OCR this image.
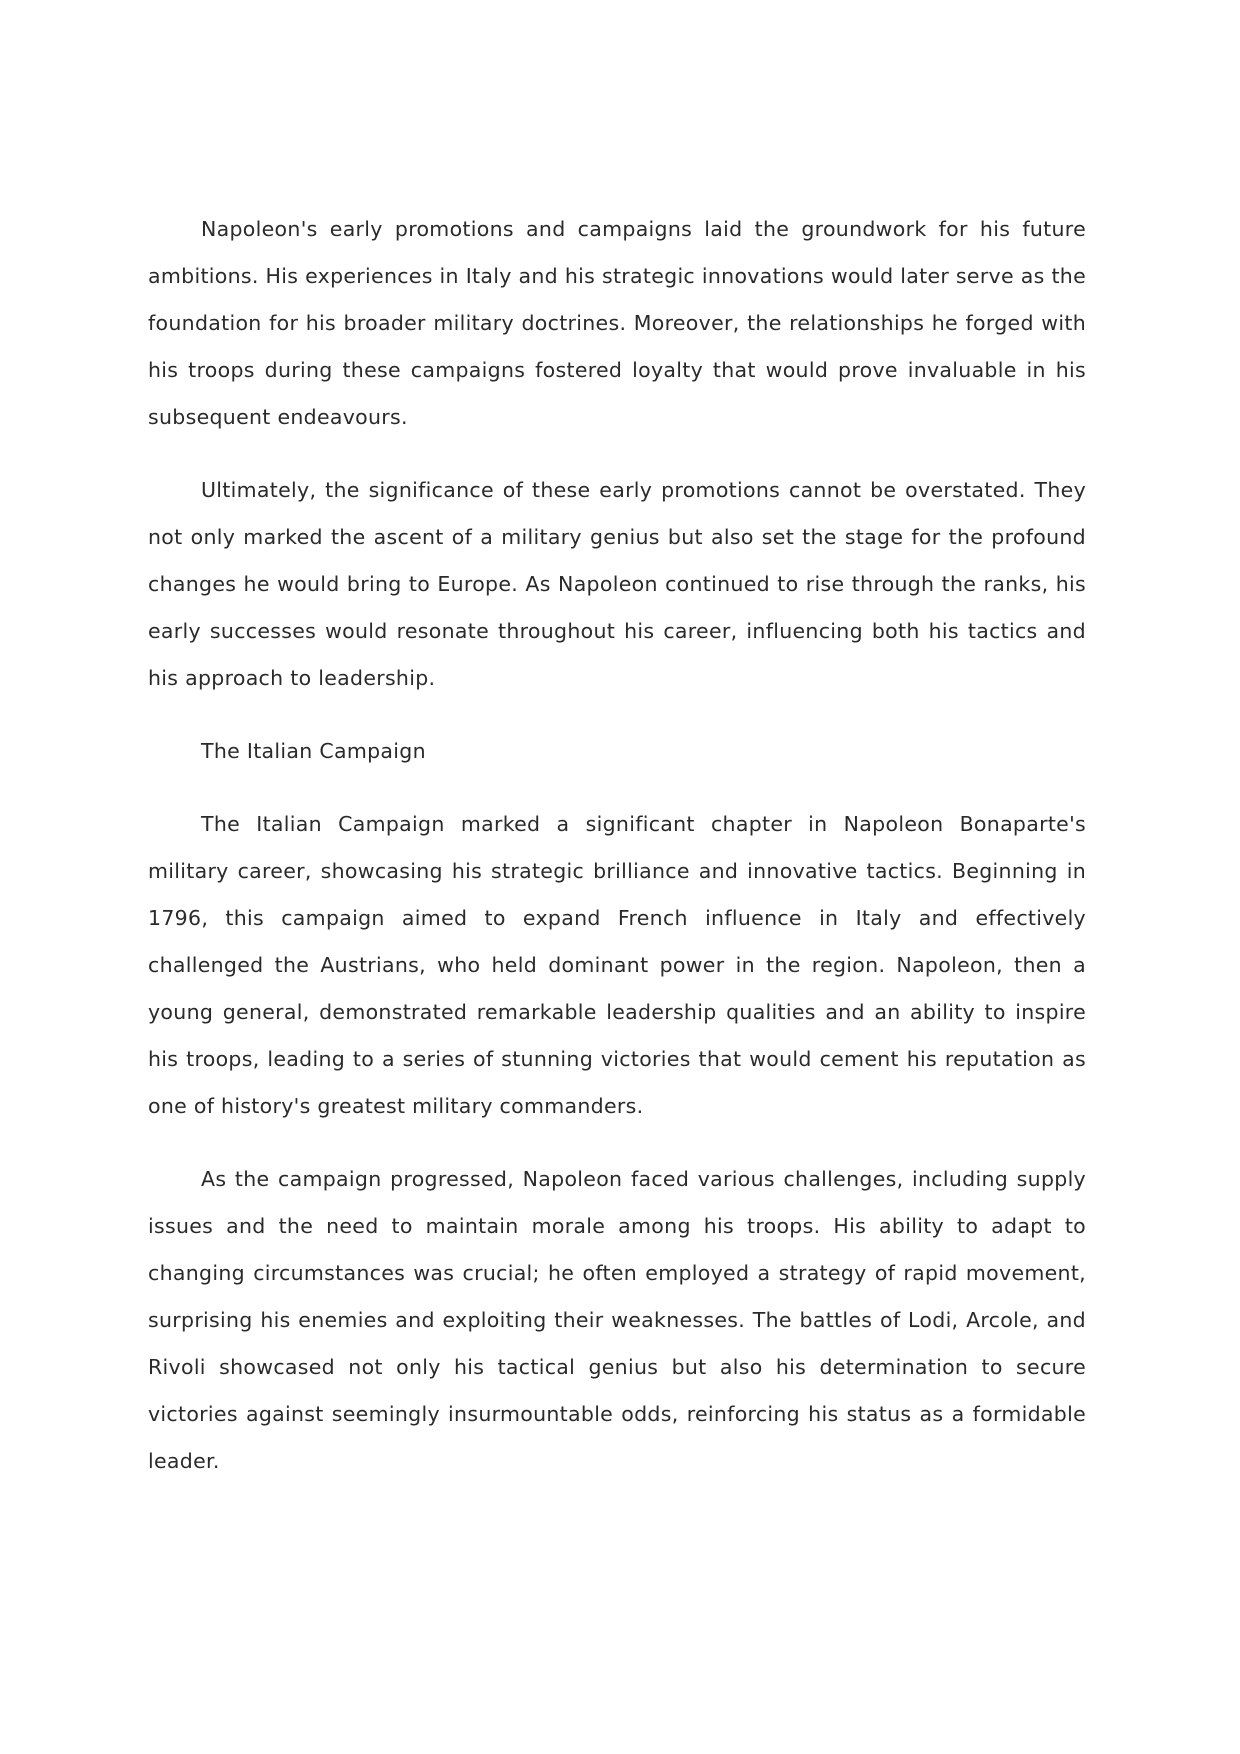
Napoleon's early promotions and campaigns laid the groundwork for his future ambitions. His experiences in Italy and his strategic innovations would later serve as the foundation for his broader military doctrines. Moreover, the relationships he forged with his troops during these campaigns fostered loyalty that would prove invaluable in his subsequent endeavours.

Ultimately, the significance of these early promotions cannot be overstated. They not only marked the ascent of a military genius but also set the stage for the profound changes he would bring to Europe. As Napoleon continued to rise through the ranks, his early successes would resonate throughout his career, influencing both his tactics and his approach to leadership.

The Italian Campaign

The Italian Campaign marked a significant chapter in Napoleon Bonaparte's military career, showcasing his strategic brilliance and innovative tactics. Beginning in 1796, this campaign aimed to expand French influence in Italy and effectively challenged the Austrians, who held dominant power in the region. Napoleon, then a young general, demonstrated remarkable leadership qualities and an ability to inspire his troops, leading to a series of stunning victories that would cement his reputation as one of history's greatest military commanders.

As the campaign progressed, Napoleon faced various challenges, including supply issues and the need to maintain morale among his troops. His ability to adapt to changing circumstances was crucial; he often employed a strategy of rapid movement, surprising his enemies and exploiting their weaknesses. The battles of Lodi, Arcole, and Rivoli showcased not only his tactical genius but also his determination to secure victories against seemingly insurmountable odds, reinforcing his status as a formidable leader.
